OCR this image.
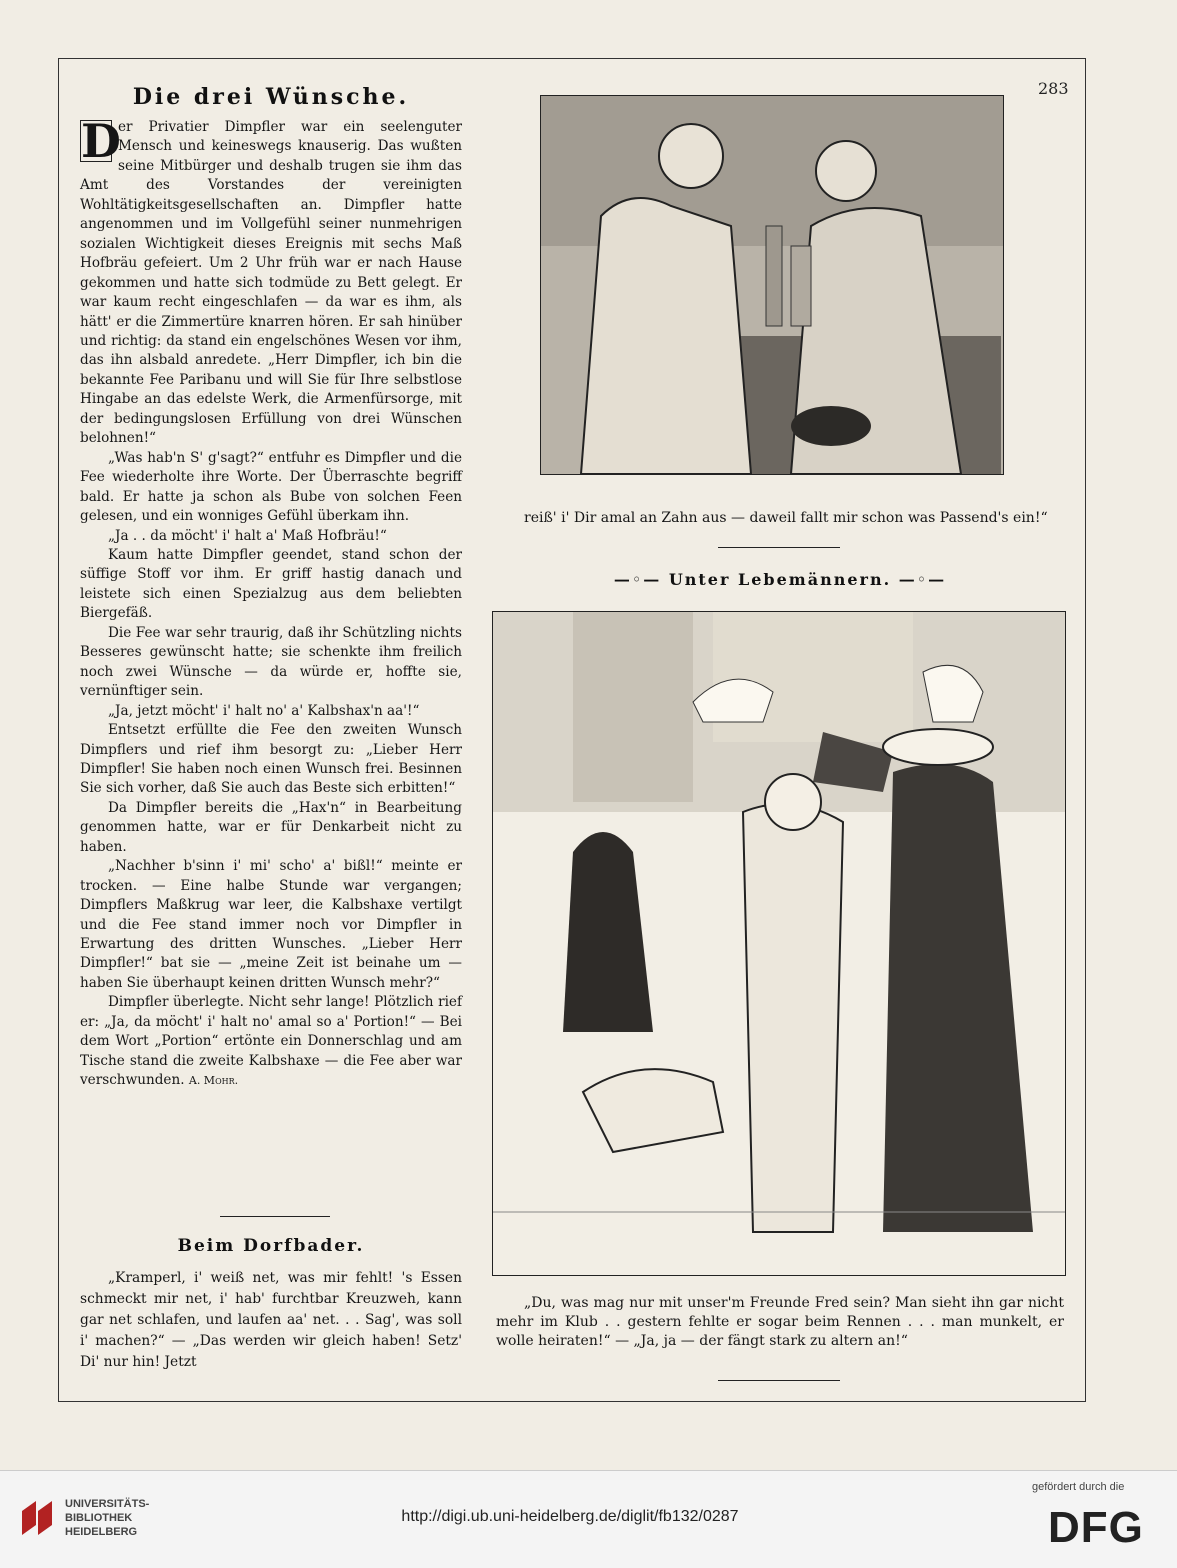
283
Die drei Wünsche.

D
er Privatier Dimpfler war ein seelenguter Mensch und keineswegs knauserig. Das wußten seine Mitbürger und deshalb trugen sie ihm das Amt des Vorstandes der vereinigten Wohltätigkeitsgesellschaften an. Dimpfler hatte angenommen und im Vollgefühl seiner nunmehrigen sozialen Wichtigkeit dieses Ereignis mit sechs Maß Hofbräu gefeiert. Um 2 Uhr früh war er nach Hause gekommen und hatte sich todmüde zu Bett gelegt. Er war kaum recht eingeschlafen — da war es ihm, als hätt' er die Zimmertüre knarren hören. Er sah hinüber und richtig: da stand ein engelschönes Wesen vor ihm, das ihn alsbald anredete. „Herr Dimpfler, ich bin die bekannte Fee Paribanu und will Sie für Ihre selbstlose Hingabe an das edelste Werk, die Armenfürsorge, mit der bedingungslosen Erfüllung von drei Wünschen belohnen!“

„Was hab'n S' g'sagt?“ entfuhr es Dimpfler und die Fee wiederholte ihre Worte. Der Überraschte begriff bald. Er hatte ja schon als Bube von solchen Feen gelesen, und ein wonniges Gefühl überkam ihn.

„Ja . . da möcht' i' halt a' Maß Hofbräu!“

Kaum hatte Dimpfler geendet, stand schon der süffige Stoff vor ihm. Er griff hastig danach und leistete sich einen Spezialzug aus dem beliebten Biergefäß.

Die Fee war sehr traurig, daß ihr Schützling nichts Besseres gewünscht hatte; sie schenkte ihm freilich noch zwei Wünsche — da würde er, hoffte sie, vernünftiger sein.

„Ja, jetzt möcht' i' halt no' a' Kalbshax'n aa'!“

Entsetzt erfüllte die Fee den zweiten Wunsch Dimpflers und rief ihm besorgt zu: „Lieber Herr Dimpfler! Sie haben noch einen Wunsch frei. Besinnen Sie sich vorher, daß Sie auch das Beste sich erbitten!“

Da Dimpfler bereits die „Hax'n“ in Bearbeitung genommen hatte, war er für Denkarbeit nicht zu haben.

„Nachher b'sinn i' mi' scho' a' bißl!“ meinte er trocken. — Eine halbe Stunde war vergangen; Dimpflers Maßkrug war leer, die Kalbshaxe vertilgt und die Fee stand immer noch vor Dimpfler in Erwartung des dritten Wunsches. „Lieber Herr Dimpfler!“ bat sie — „meine Zeit ist beinahe um — haben Sie überhaupt keinen dritten Wunsch mehr?“

Dimpfler überlegte. Nicht sehr lange! Plötzlich rief er: „Ja, da möcht' i' halt no' amal so a' Portion!“ — Bei dem Wort „Portion“ ertönte ein Donnerschlag und am Tische stand die zweite Kalbshaxe — die Fee aber war verschwunden. A. Mohr.

Beim Dorfbader.

„Kramperl, i' weiß net, was mir fehlt! 's Essen schmeckt mir net, i' hab' furchtbar Kreuzweh, kann gar net schlafen, und laufen aa' net. . . Sag', was soll i' machen?“ — „Das werden wir gleich haben! Setz' Di' nur hin! Jetzt

reiß' i' Dir amal an Zahn aus — daweil fallt mir schon was Passend's ein!“

—◦— Unter Lebemännern. —◦—

„Du, was mag nur mit unser'm Freunde Fred sein? Man sieht ihn gar nicht mehr im Klub . . gestern fehlte er sogar beim Rennen . . . man munkelt, er wolle heiraten!“ — „Ja, ja — der fängt stark zu altern an!“

UNIVERSITÄTS-
BIBLIOTHEK
HEIDELBERG
http://digi.ub.uni-heidelberg.de/diglit/fb132/0287
gefördert durch die
DFG
